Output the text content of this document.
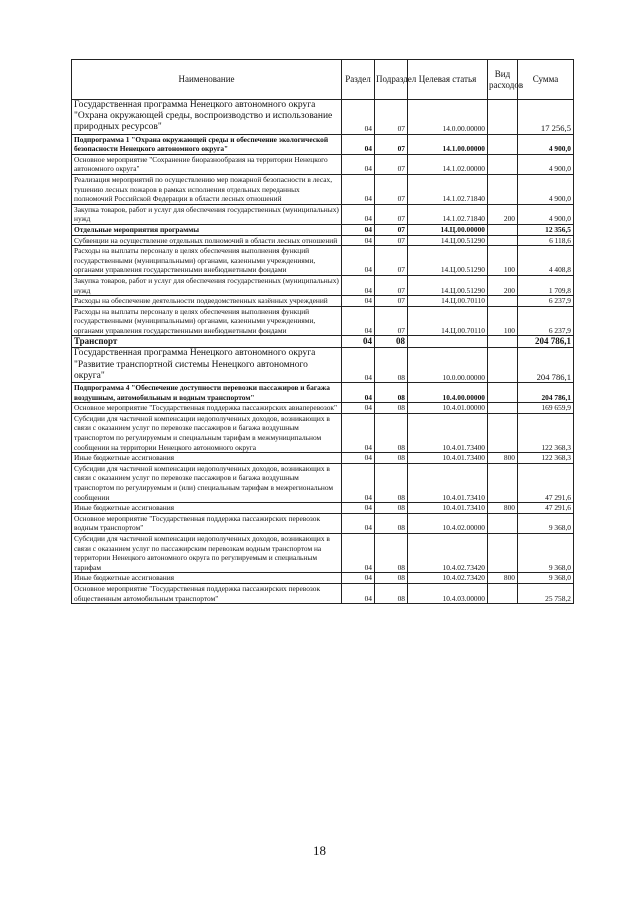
Наименование	Раздел	Подраздел	Целевая статья	Вид расходов	Сумма
Государственная программа Ненецкого автономного округа "Охрана окружающей среды, воспроизводство и использование природных ресурсов"	04	07	14.0.00.00000		17 256,5
Подпрограмма 1 "Охрана окружающей среды и обеспечение экологической безопасности Ненецкого автономного округа"	04	07	14.1.00.00000		4 900,0
Основное мероприятие "Сохранение биоразнообразия на территории Ненецкого автономного округа"	04	07	14.1.02.00000		4 900,0
Реализация мероприятий по осуществлению мер пожарной безопасности в лесах, тушению лесных пожаров в рамках исполнения отдельных переданных полномочий Российской Федерации в области лесных отношений	04	07	14.1.02.71840		4 900,0
Закупка товаров, работ и услуг для обеспечения государственных (муниципальных) нужд	04	07	14.1.02.71840	200	4 900,0
Отдельные мероприятия программы	04	07	14.Ц.00.00000		12 356,5
Субвенции на осуществление отдельных полномочий в области лесных отношений	04	07	14.Ц.00.51290		6 118,6
Расходы на выплаты персоналу в целях обеспечения выполнения функций государственными (муниципальными) органами, казенными учреждениями, органами управления государственными внебюджетными фондами	04	07	14.Ц.00.51290	100	4 408,8
Закупка товаров, работ и услуг для обеспечения государственных (муниципальных) нужд	04	07	14.Ц.00.51290	200	1 709,8
Расходы на обеспечение деятельности подведомственных казённых учреждений	04	07	14.Ц.00.70110		6 237,9
Расходы на выплаты персоналу в целях обеспечения выполнения функций государственными (муниципальными) органами, казенными учреждениями, органами управления государственными внебюджетными фондами	04	07	14.Ц.00.70110	100	6 237,9
Транспорт	04	08			204 786,1
Государственная программа Ненецкого автономного округа "Развитие транспортной системы Ненецкого автономного округа"	04	08	10.0.00.00000		204 786,1
Подпрограмма 4 "Обеспечение доступности перевозки пассажиров и багажа воздушным, автомобильным и водным транспортом"	04	08	10.4.00.00000		204 786,1
Основное мероприятие "Государственная поддержка пассажирских авиаперевозок"	04	08	10.4.01.00000		169 659,9
Субсидии для частичной компенсации недополученных доходов, возникающих в связи с оказанием услуг по перевозке пассажиров и багажа воздушным транспортом по регулируемым и специальным тарифам в межмуниципальном сообщении на территории Ненецкого автономного округа	04	08	10.4.01.73400		122 368,3
Иные бюджетные ассигнования	04	08	10.4.01.73400	800	122 368,3
Субсидии для частичной компенсации недополученных доходов, возникающих в связи с оказанием услуг по перевозке пассажиров и багажа воздушным транспортом по регулируемым и (или) специальным тарифам в межрегиональном сообщении	04	08	10.4.01.73410		47 291,6
Иные бюджетные ассигнования	04	08	10.4.01.73410	800	47 291,6
Основное мероприятие "Государственная поддержка пассажирских перевозок водным транспортом"	04	08	10.4.02.00000		9 368,0
Субсидии для частичной компенсации недополученных доходов, возникающих в связи с оказанием услуг по пассажирским перевозкам водным транспортом на территории Ненецкого автономного округа по регулируемым и специальным тарифам	04	08	10.4.02.73420		9 368,0
Иные бюджетные ассигнования	04	08	10.4.02.73420	800	9 368,0
Основное мероприятие "Государственная поддержка пассажирских перевозок общественным автомобильным транспортом"	04	08	10.4.03.00000		25 758,2
18
